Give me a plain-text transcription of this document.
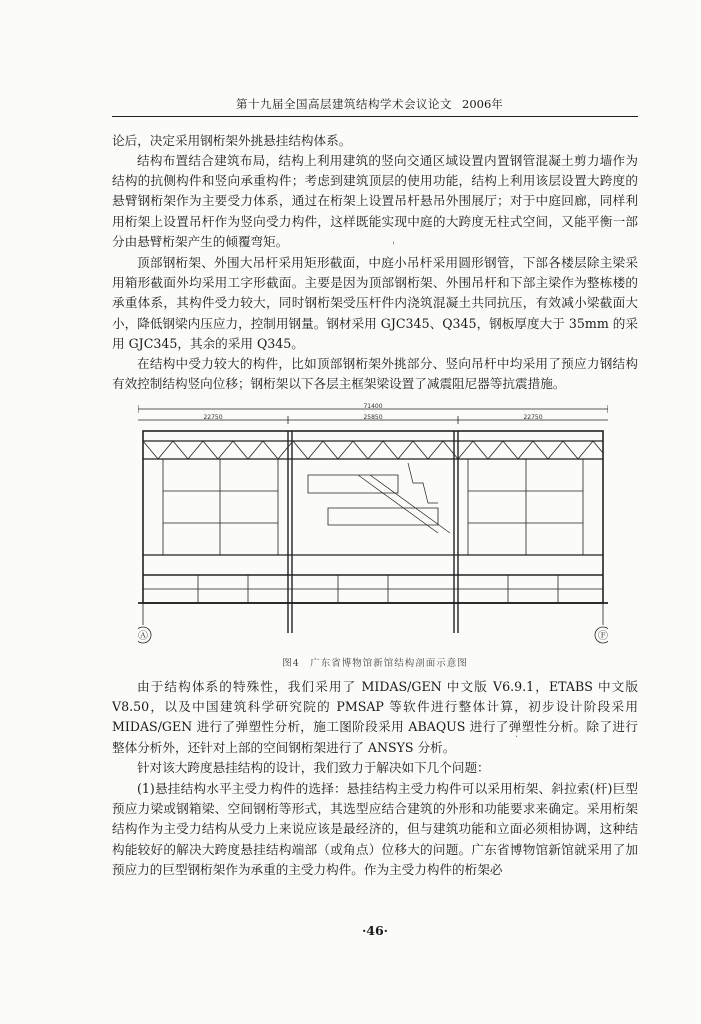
第十九届全国高层建筑结构学术会议论文 2006年

论后，决定采用钢桁架外挑悬挂结构体系。

结构布置结合建筑布局，结构上利用建筑的竖向交通区域设置内置钢管混凝土剪力墙作为结构的抗侧构件和竖向承重构件；考虑到建筑顶层的使用功能，结构上利用该层设置大跨度的悬臂钢桁架作为主要受力体系，通过在桁架上设置吊杆悬吊外围展厅；对于中庭回廊，同样利用桁架上设置吊杆作为竖向受力构件，这样既能实现中庭的大跨度无柱式空间，又能平衡一部分由悬臂桁架产生的倾覆弯矩。

顶部钢桁架、外围大吊杆采用矩形截面，中庭小吊杆采用圆形钢管，下部各楼层除主梁采用箱形截面外均采用工字形截面。主要是因为顶部钢桁架、外围吊杆和下部主梁作为整栋楼的承重体系，其构件受力较大，同时钢桁架受压杆件内浇筑混凝土共同抗压，有效减小梁截面大小，降低钢梁内压应力，控制用钢量。钢材采用 GJC345、Q345，钢板厚度大于 35mm 的采用 GJC345，其余的采用 Q345。

在结构中受力较大的构件，比如顶部钢桁架外挑部分、竖向吊杆中均采用了预应力钢结构有效控制结构竖向位移；钢桁架以下各层主框架梁设置了减震阻尼器等抗震措施。

'
·
71400
22750	25850	22750
Ⓐ	Ⓕ
图4　广东省博物馆新馆结构剖面示意图

由于结构体系的特殊性，我们采用了 MIDAS/GEN 中文版 V6.9.1，ETABS 中文版 V8.50，以及中国建筑科学研究院的 PMSAP 等软件进行整体计算，初步设计阶段采用 MIDAS/GEN 进行了弹塑性分析，施工图阶段采用 ABAQUS 进行了弹塑性分析。除了进行整体分析外，还针对上部的空间钢桁架进行了 ANSYS 分析。

针对该大跨度悬挂结构的设计，我们致力于解决如下几个问题：

(1)悬挂结构水平主受力构件的选择：悬挂结构主受力构件可以采用桁架、斜拉索(杆)巨型预应力梁或钢箱梁、空间钢桁等形式，其选型应结合建筑的外形和功能要求来确定。采用桁架结构作为主受力结构从受力上来说应该是最经济的，但与建筑功能和立面必须相协调，这种结构能较好的解决大跨度悬挂结构端部（或角点）位移大的问题。广东省博物馆新馆就采用了加预应力的巨型钢桁架作为承重的主受力构件。作为主受力构件的桁架必

·46·
